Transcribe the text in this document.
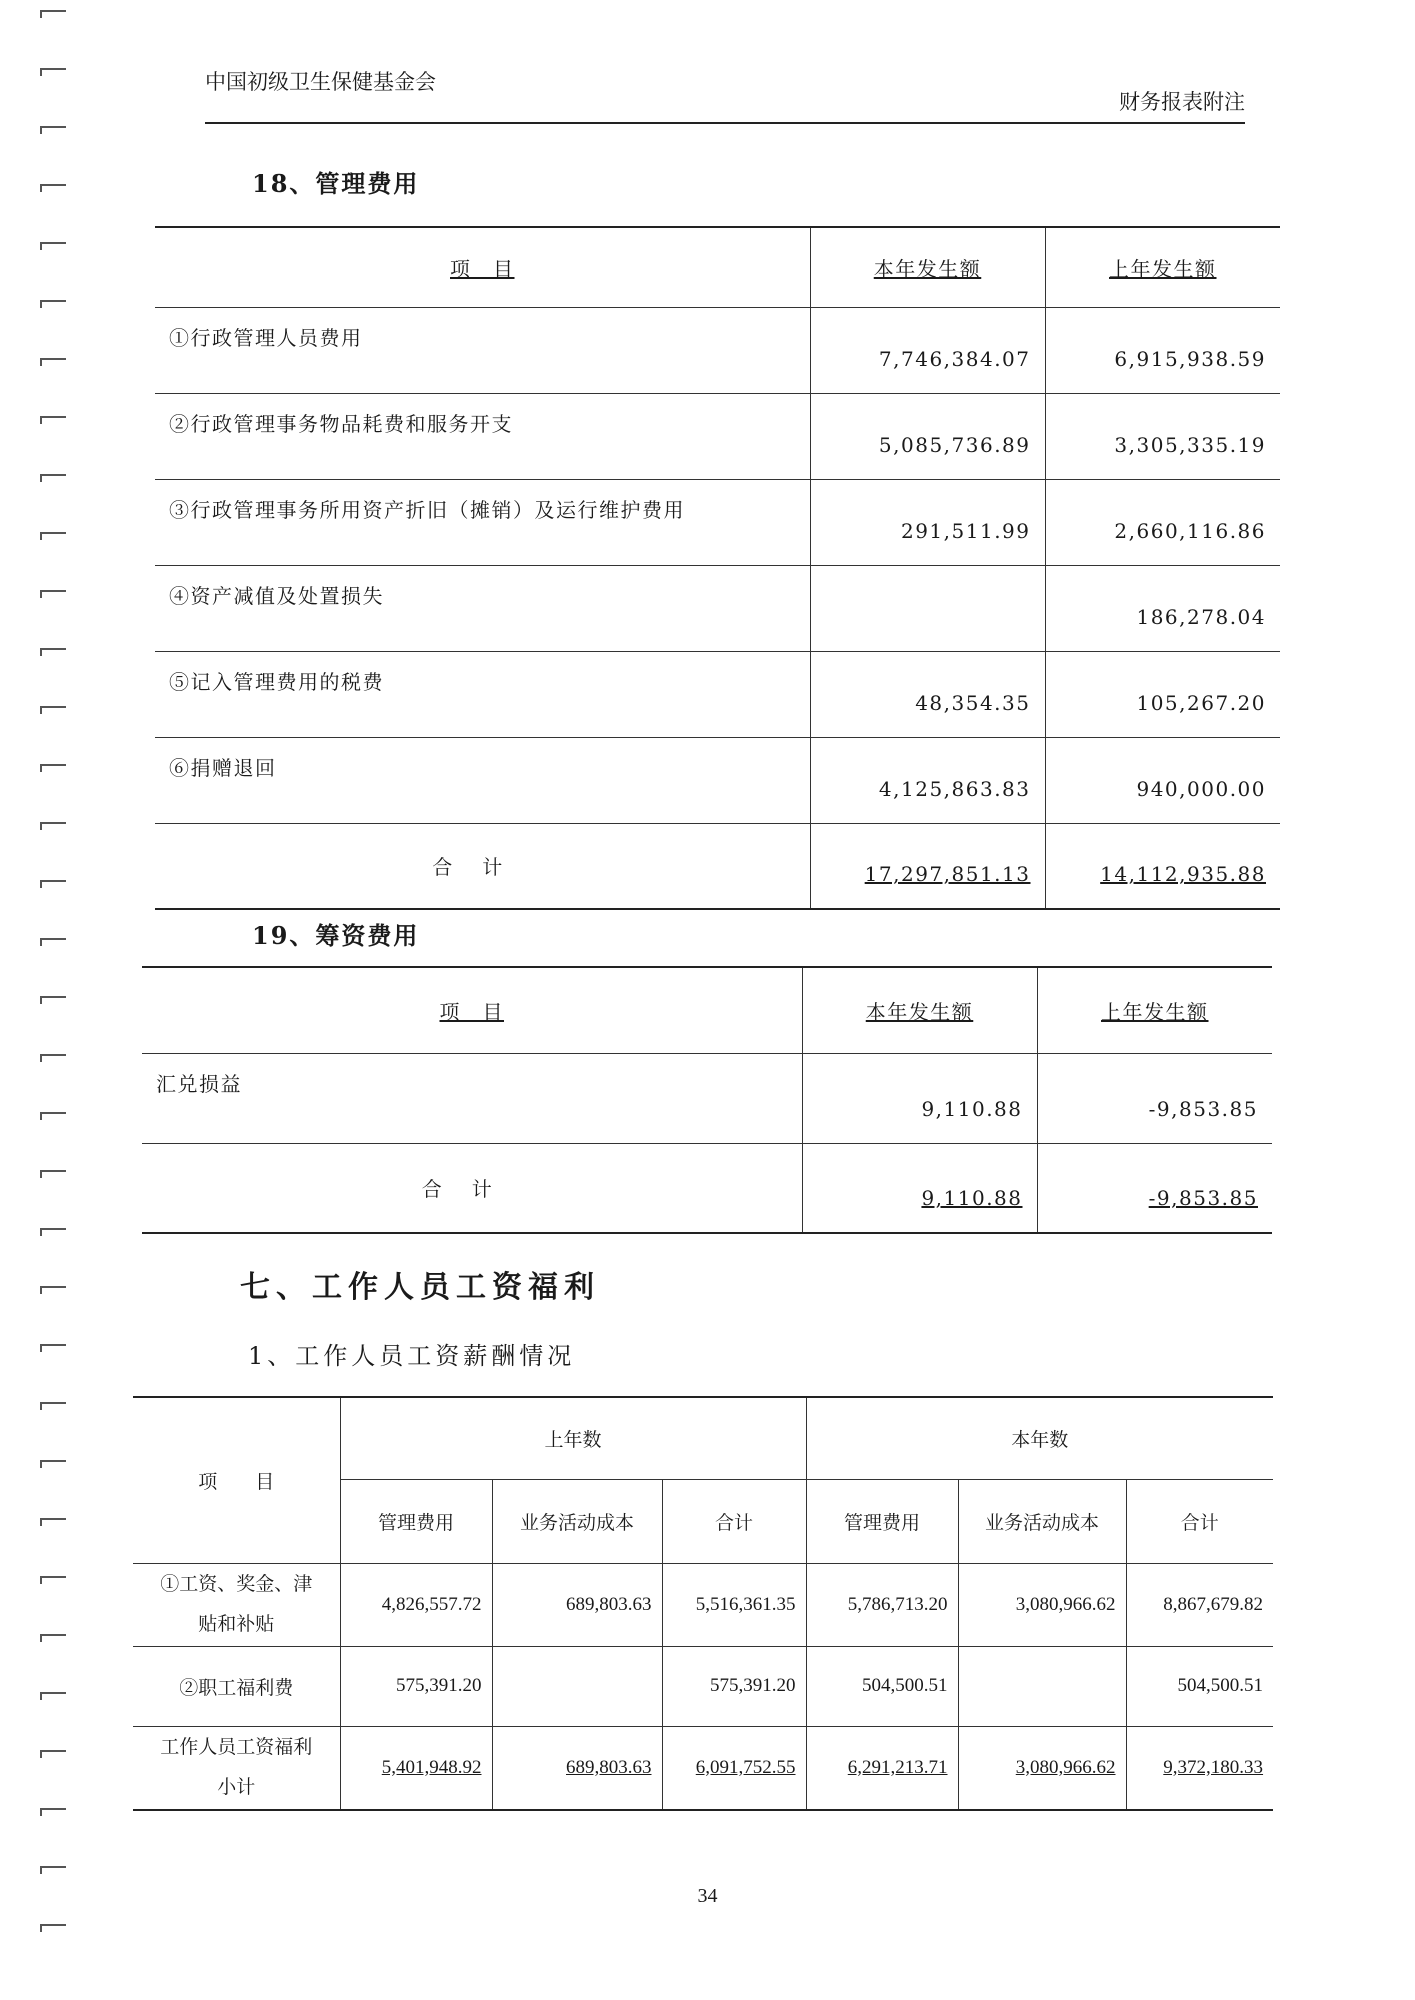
中国初级卫生保健基金会
财务报表附注
18、管理费用
项　目	本年发生额	上年发生额
①行政管理人员费用	7,746,384.07	6,915,938.59
②行政管理事务物品耗费和服务开支	5,085,736.89	3,305,335.19
③行政管理事务所用资产折旧（摊销）及运行维护费用	291,511.99	2,660,116.86
④资产减值及处置损失		186,278.04
⑤记入管理费用的税费	48,354.35	105,267.20
⑥捐赠退回	4,125,863.83	940,000.00
合计	17,297,851.13	14,112,935.88
19、筹资费用
项　目	本年发生额	上年发生额
汇兑损益	9,110.88	-9,853.85
合计	9,110.88	-9,853.85
七、工作人员工资福利
1、工作人员工资薪酬情况
项　　目	上年数			本年数		
	管理费用	业务活动成本	合计	管理费用	业务活动成本	合计

①工资、奖金、津
贴和补贴	4,826,557.72	689,803.63	5,516,361.35	5,786,713.20	3,080,966.62	8,867,679.82

②职工福利费	575,391.20		575,391.20	504,500.51		504,500.51

工作人员工资福利
小计	5,401,948.92	689,803.63	6,091,752.55	6,291,213.71	3,080,966.62	9,372,180.33
34
